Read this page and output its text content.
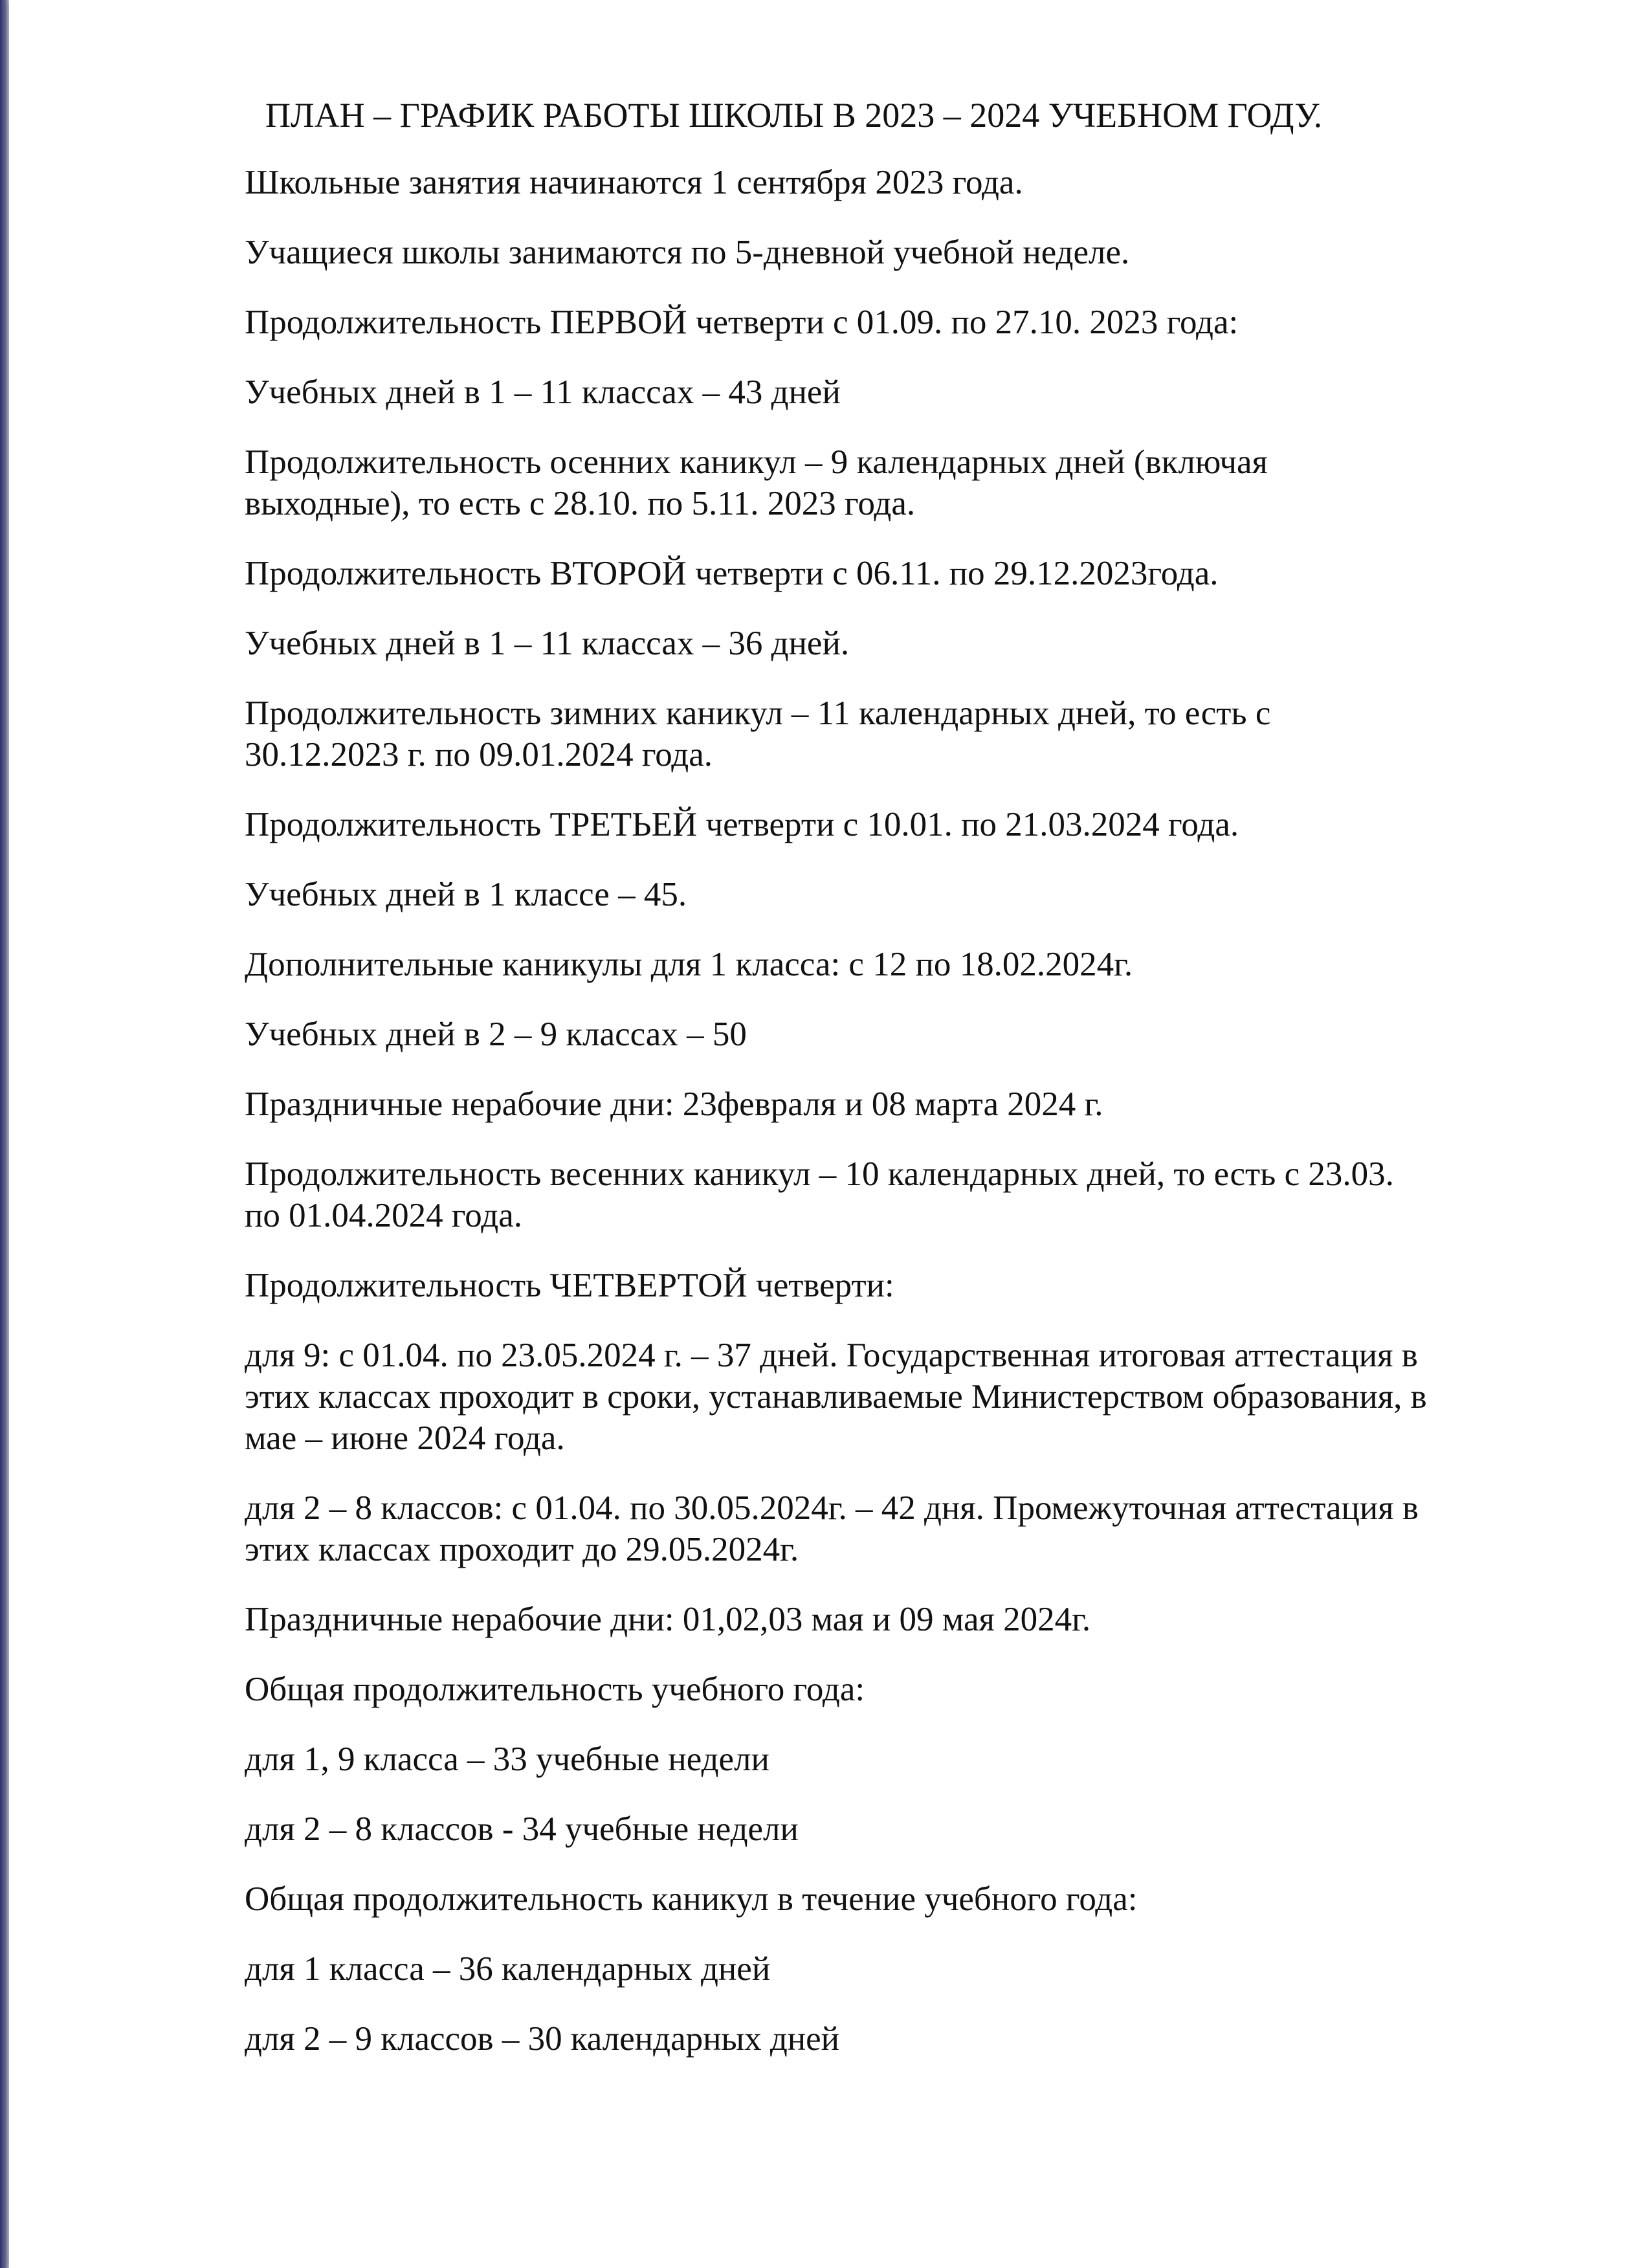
ПЛАН – ГРАФИК РАБОТЫ ШКОЛЫ В 2023 – 2024 УЧЕБНОМ ГОДУ.

Школьные занятия начинаются 1 сентября 2023 года.

Учащиеся школы занимаются по 5-дневной учебной неделе.

Продолжительность ПЕРВОЙ четверти с 01.09. по 27.10. 2023 года:

Учебных дней в 1 – 11 классах – 43 дней

Продолжительность осенних каникул – 9 календарных дней (включая выходные), то есть с 28.10. по 5.11. 2023 года.

Продолжительность ВТОРОЙ четверти с 06.11. по 29.12.2023года.

Учебных дней в 1 – 11 классах – 36 дней.

Продолжительность зимних каникул – 11 календарных дней, то есть с 30.12.2023 г. по 09.01.2024 года.

Продолжительность ТРЕТЬЕЙ четверти с 10.01. по 21.03.2024 года.

Учебных дней в 1 классе – 45.

Дополнительные каникулы для 1 класса: с 12 по 18.02.2024г.

Учебных дней в 2 – 9 классах – 50

Праздничные нерабочие дни: 23февраля и 08 марта 2024 г.

Продолжительность весенних каникул – 10 календарных дней, то есть с 23.03. по 01.04.2024 года.

Продолжительность ЧЕТВЕРТОЙ четверти:

для 9: с 01.04. по 23.05.2024 г. – 37 дней. Государственная итоговая аттестация в этих классах проходит в сроки, устанавливаемые Министерством образования, в мае – июне 2024 года.

для 2 – 8 классов: с 01.04. по 30.05.2024г. – 42 дня. Промежуточная аттестация в этих классах проходит до 29.05.2024г.

Праздничные нерабочие дни: 01,02,03 мая и 09 мая 2024г.

Общая продолжительность учебного года:

для 1, 9 класса – 33 учебные недели

для 2 – 8 классов - 34 учебные недели

Общая продолжительность каникул в течение учебного года:

для 1 класса – 36 календарных дней

для 2 – 9 классов – 30 календарных дней
